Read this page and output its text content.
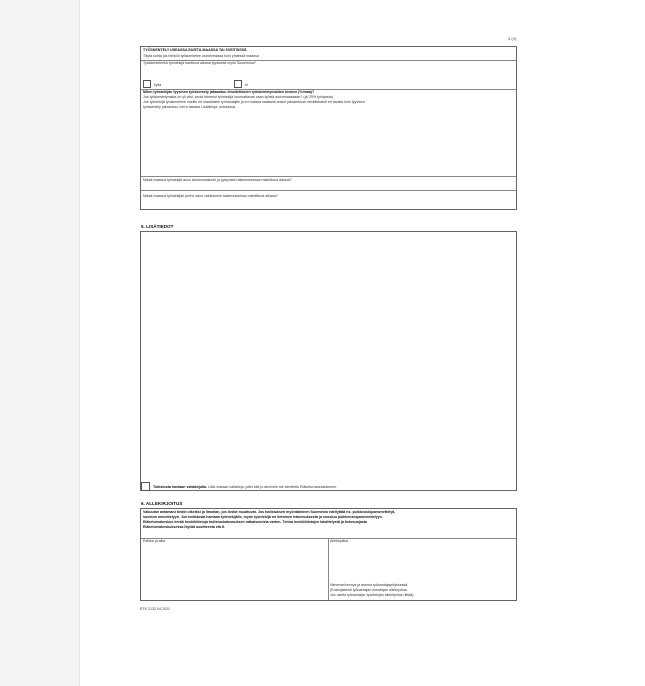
3 (4)
TYÖSKENTELY USEASSA EU/ETA-MAASSA TAI SVEITSISSÄ
Täytä kohta jos henkilö työskentelee useammassa kuin yhdessä maassa
Työskenteleekö työntekijä haettuna aikana fyysisesti myös Suomessa?
kyllä	ei
Miten työntekijän fyysinen työskentely jakaantuu ilmoitettavien työskentelymaiden kesken (%/maa)?
Jos työskentelymaita on yli viisi, arvioi tekeekö työntekijä huomattavan osan työstä asuinmaassaan? (yli 25% työajasta).
Jos työntekijä työskentelee useille eri maalaisille työnantajille ja eri maissa saatavat ansiot jakaantuvat merkittävästi eri tavalla kuin fyysinen
työskentely jakaantuu, kerro asiasta Lisätietoja -kohdassa.
Missä maassa työntekijä asuu tavanomaisesti ja pysyvästi hakemuksessa mainittuna aikana?
Missä maassa työntekijän perhe asuu vakituisesti hakemuksessa mainittuna aikana?
5. LISÄTIEDOT
Todistusta haetaan valtakirjalla. Liitä mukaan valtakirja, jollei sitä jo aiemmin ole toimitettu Eläketurvakeskukseen.
6. ALLEKIRJOITUS
Vakuutan antamani tiedot oikeiksi ja ilmoitan, jos tiedot muuttuvat. Jos todistuksen myöntäminen Suomesta edellyttää ns. poikkeuslupamenettelyä,
suostun menettelyyn. Jos todistusta haetaan työntekijälle, myös työntekijä on tietoinen hakemuksesta ja suostuu poikkeuslupamenettelyyn.
Eläketurvakeskus kerää henkilötietoja todistushakemuksen ratkaisemista varten. Tietoa henkilötietojen käsittelystä ja tietosuojasta
Eläketurvakeskuksessa löydät osoitteesta etk.fi.
Paikka ja aika	Allekirjoitus
Nimenselvennys ja asema työnantajayrityksessä.
(Ensisijaisesti työnantajan edustajan allekirjoitus.
Jos useita työnantajia, työntekijän allekirjoitus riittää).
ETK 2132 04.2021
